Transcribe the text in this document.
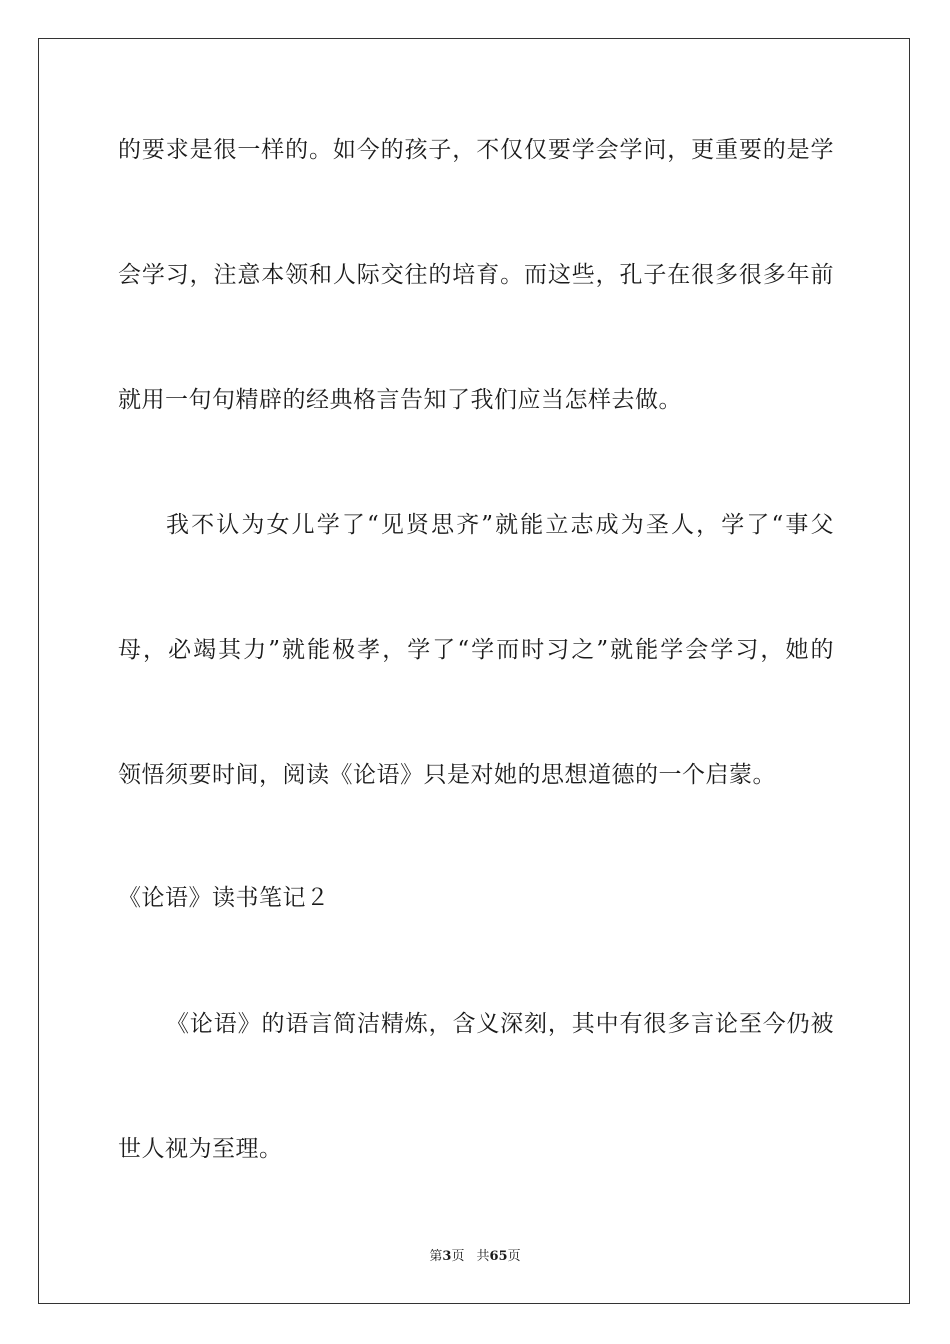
的要求是很一样的。如今的孩子，不仅仅要学会学问，更重要的是学
会学习，注意本领和人际交往的培育。而这些，孔子在很多很多年前
就用一句句精辟的经典格言告知了我们应当怎样去做。
我不认为女儿学了“见贤思齐”就能立志成为圣人，学了“事父
母，必竭其力”就能极孝，学了“学而时习之”就能学会学习，她的
领悟须要时间，阅读《论语》只是对她的思想道德的一个启蒙。
《论语》读书笔记２
《论语》的语言简洁精炼，含义深刻，其中有很多言论至今仍被
世人视为至理。
第3页 共65页
